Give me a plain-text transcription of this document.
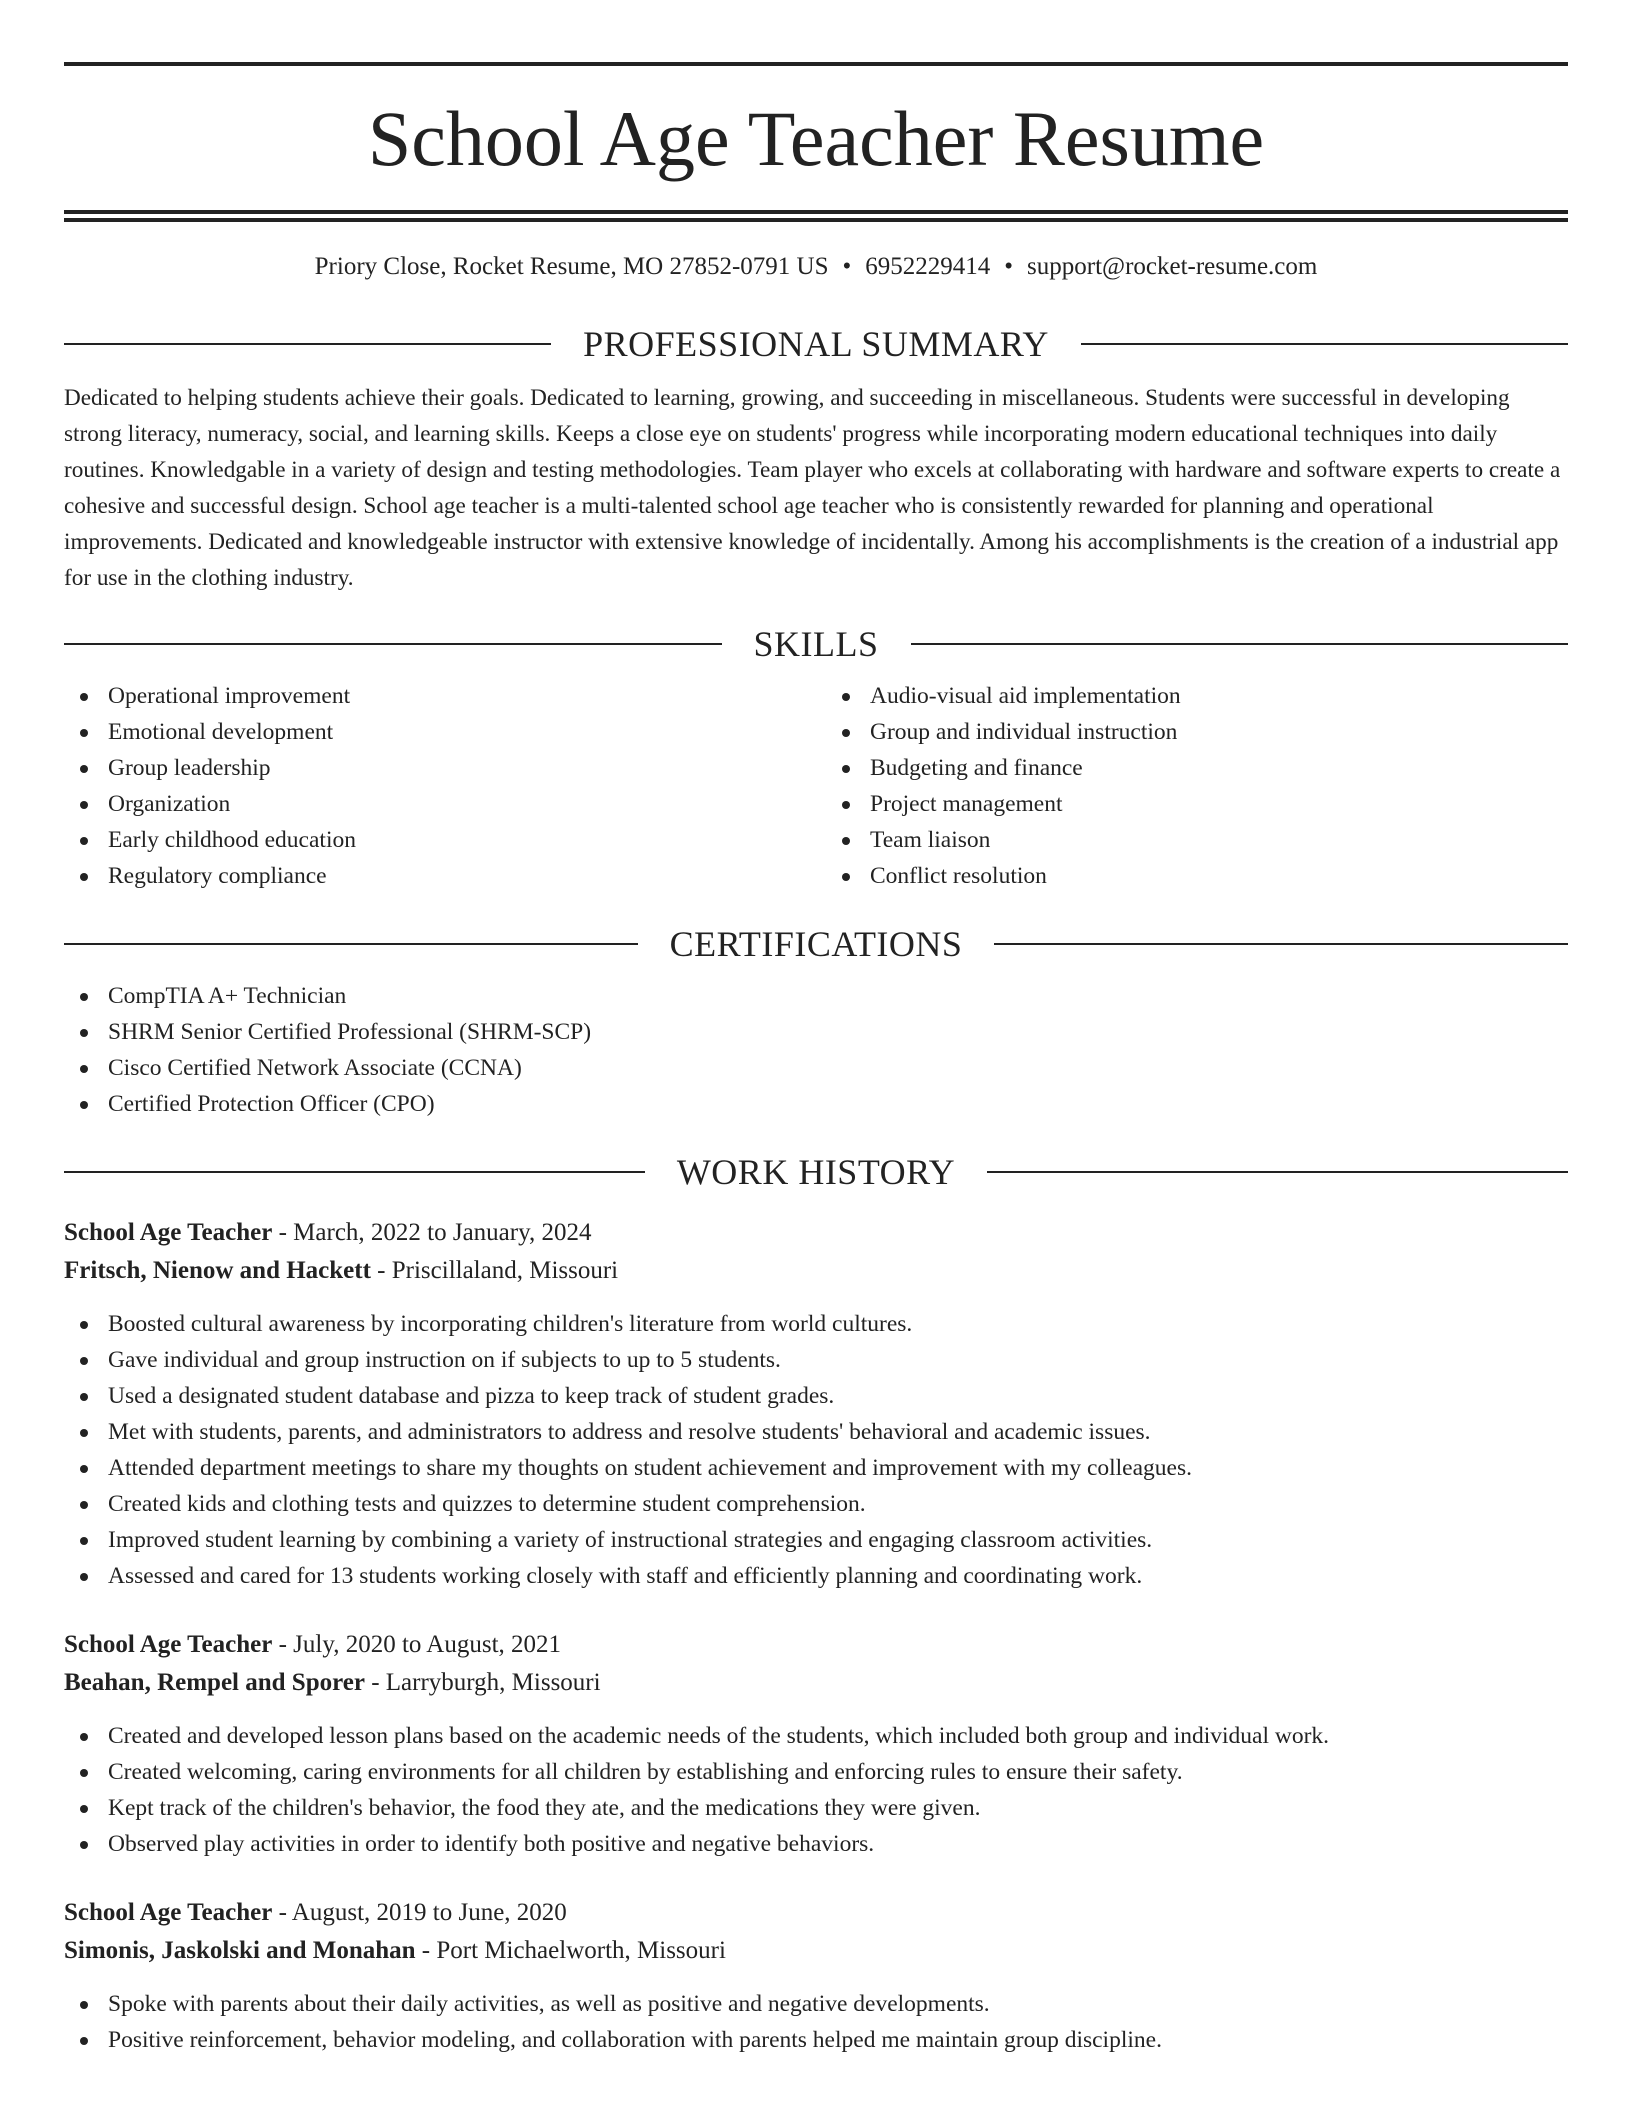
School Age Teacher Resume
Priory Close, Rocket Resume, MO 27852-0791 US • 6952229414 • support@rocket-resume.com
PROFESSIONAL SUMMARY

Dedicated to helping students achieve their goals. Dedicated to learning, growing, and succeeding in miscellaneous. Students were successful in developing strong literacy, numeracy, social, and learning skills. Keeps a close eye on students' progress while incorporating modern educational techniques into daily routines. Knowledgable in a variety of design and testing methodologies. Team player who excels at collaborating with hardware and software experts to create a cohesive and successful design. School age teacher is a multi-talented school age teacher who is consistently rewarded for planning and operational improvements. Dedicated and knowledgeable instructor with extensive knowledge of incidentally. Among his accomplishments is the creation of a industrial app for use in the clothing industry.

SKILLS
Operational improvement
Emotional development
Group leadership
Organization
Early childhood education
Regulatory compliance
Audio-visual aid implementation
Group and individual instruction
Budgeting and finance
Project management
Team liaison
Conflict resolution
CERTIFICATIONS
CompTIA A+ Technician
SHRM Senior Certified Professional (SHRM-SCP)
Cisco Certified Network Associate (CCNA)
Certified Protection Officer (CPO)
WORK HISTORY
School Age Teacher - March, 2022 to January, 2024
Fritsch, Nienow and Hackett - Priscillaland, Missouri
Boosted cultural awareness by incorporating children's literature from world cultures.
Gave individual and group instruction on if subjects to up to 5 students.
Used a designated student database and pizza to keep track of student grades.
Met with students, parents, and administrators to address and resolve students' behavioral and academic issues.
Attended department meetings to share my thoughts on student achievement and improvement with my colleagues.
Created kids and clothing tests and quizzes to determine student comprehension.
Improved student learning by combining a variety of instructional strategies and engaging classroom activities.
Assessed and cared for 13 students working closely with staff and efficiently planning and coordinating work.
School Age Teacher - July, 2020 to August, 2021
Beahan, Rempel and Sporer - Larryburgh, Missouri
Created and developed lesson plans based on the academic needs of the students, which included both group and individual work.
Created welcoming, caring environments for all children by establishing and enforcing rules to ensure their safety.
Kept track of the children's behavior, the food they ate, and the medications they were given.
Observed play activities in order to identify both positive and negative behaviors.
School Age Teacher - August, 2019 to June, 2020
Simonis, Jaskolski and Monahan - Port Michaelworth, Missouri
Spoke with parents about their daily activities, as well as positive and negative developments.
Positive reinforcement, behavior modeling, and collaboration with parents helped me maintain group discipline.
